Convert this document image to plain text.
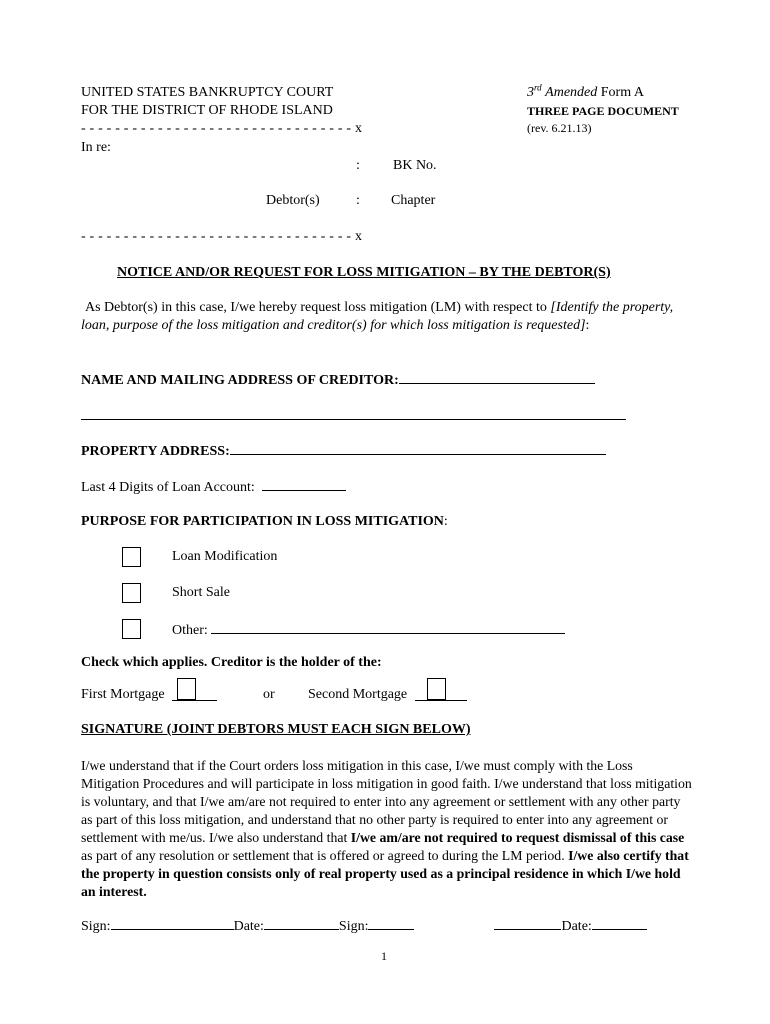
UNITED STATES BANKRUPTCY COURT
FOR THE DISTRICT OF RHODE ISLAND
- - - - - - - - - - - - - - - - - - - - - - - - - - - - - - - - x
3rd Amended Form A
THREE PAGE DOCUMENT
(rev. 6.21.13)
In re:
: BK No.
Debtor(s)	: Chapter
- - - - - - - - - - - - - - - - - - - - - - - - - - - - - - - - x
NOTICE AND/OR REQUEST FOR LOSS MITIGATION – BY THE DEBTOR(S)
As Debtor(s) in this case, I/we hereby request loss mitigation (LM) with respect to [Identify the property, loan, purpose of the loss mitigation and creditor(s) for which loss mitigation is requested]:
NAME AND MAILING ADDRESS OF CREDITOR:
PROPERTY ADDRESS:
Last 4 Digits of Loan Account:
PURPOSE FOR PARTICIPATION IN LOSS MITIGATION:
Loan Modification
Short Sale
Other:
Check which applies. Creditor is the holder of the:
First Mortgage	or Second Mortgage
SIGNATURE (JOINT DEBTORS MUST EACH SIGN BELOW)
I/we understand that if the Court orders loss mitigation in this case, I/we must comply with the Loss Mitigation Procedures and will participate in loss mitigation in good faith. I/we understand that loss mitigation is voluntary, and that I/we am/are not required to enter into any agreement or settlement with any other party as part of this loss mitigation, and understand that no other party is required to enter into any agreement or settlement with me/us. I/we also understand that I/we am/are not required to request dismissal of this case as part of any resolution or settlement that is offered or agreed to during the LM period. I/we also certify that the property in question consists only of real property used as a principal residence in which I/we hold an interest.
Sign:	Date:	Sign:	Date:
1
